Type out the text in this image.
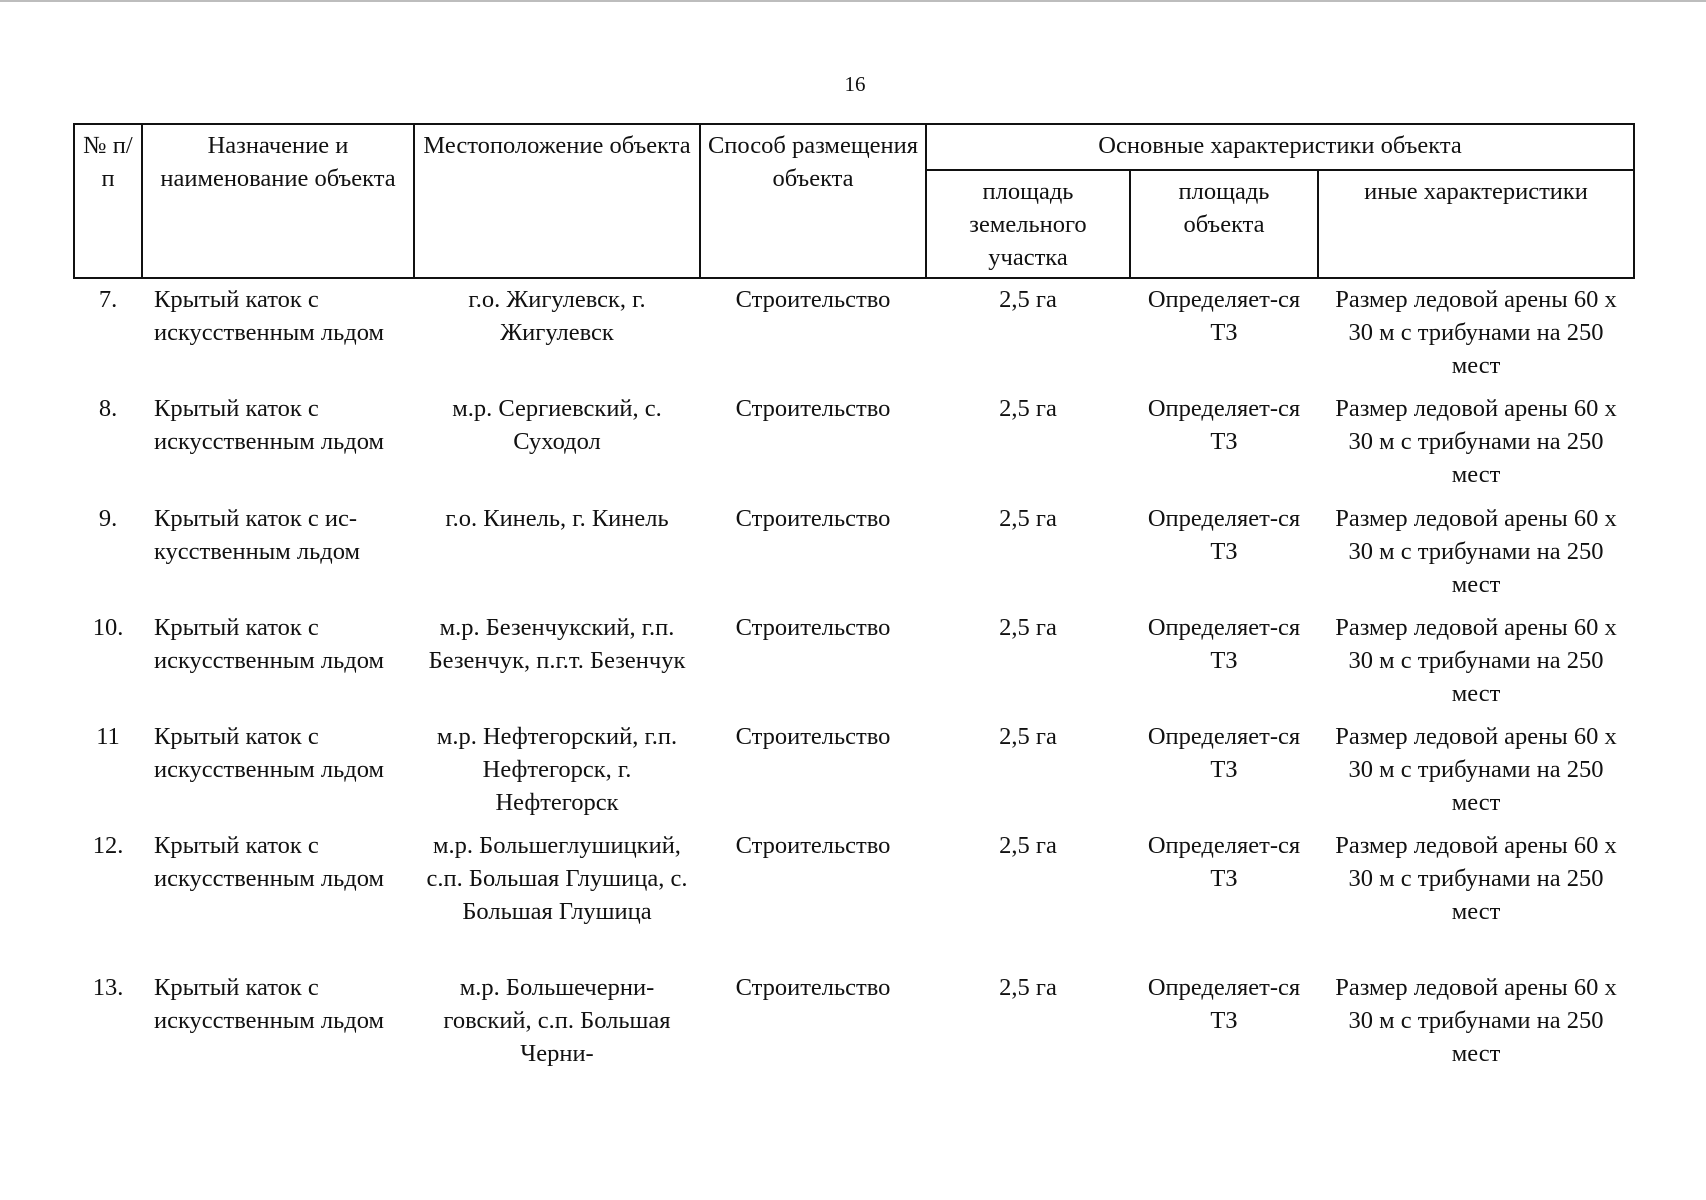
16
№ п/п	Назначение и наименование объекта	Местоположение объекта	Способ размещения объекта	Основные характеристики объекта		
				площадь земельного участка	площадь объекта	иные характеристики
7.	Крытый каток с искусственным льдом	г.о. Жигулевск, г. Жигулевск	Строительство	2,5 га	Определяет-ся ТЗ	Размер ледовой арены 60 х 30 м с трибунами на 250 мест
8.	Крытый каток с искусственным льдом	м.р. Сергиевский, с. Суходол	Строительство	2,5 га	Определяет-ся ТЗ	Размер ледовой арены 60 х 30 м с трибунами на 250 мест
9.	Крытый каток с ис-кусственным льдом	г.о. Кинель, г. Кинель	Строительство	2,5 га	Определяет-ся ТЗ	Размер ледовой арены 60 х 30 м с трибунами на 250 мест
10.	Крытый каток с искусственным льдом	м.р. Безенчукский, г.п. Безенчук, п.г.т. Безенчук	Строительство	2,5 га	Определяет-ся ТЗ	Размер ледовой арены 60 х 30 м с трибунами на 250 мест
11	Крытый каток с искусственным льдом	м.р. Нефтегорский, г.п. Нефтегорск, г. Нефтегорск	Строительство	2,5 га	Определяет-ся ТЗ	Размер ледовой арены 60 х 30 м с трибунами на 250 мест
12.	Крытый каток с искусственным льдом	м.р. Большеглушицкий, с.п. Большая Глушица, с. Большая Глушица	Строительство	2,5 га	Определяет-ся ТЗ	Размер ледовой арены 60 х 30 м с трибунами на 250 мест
13.	Крытый каток с искусственным льдом	м.р. Большечерни-говский, с.п. Большая Черни-	Строительство	2,5 га	Определяет-ся ТЗ	Размер ледовой арены 60 х 30 м с трибунами на 250 мест
